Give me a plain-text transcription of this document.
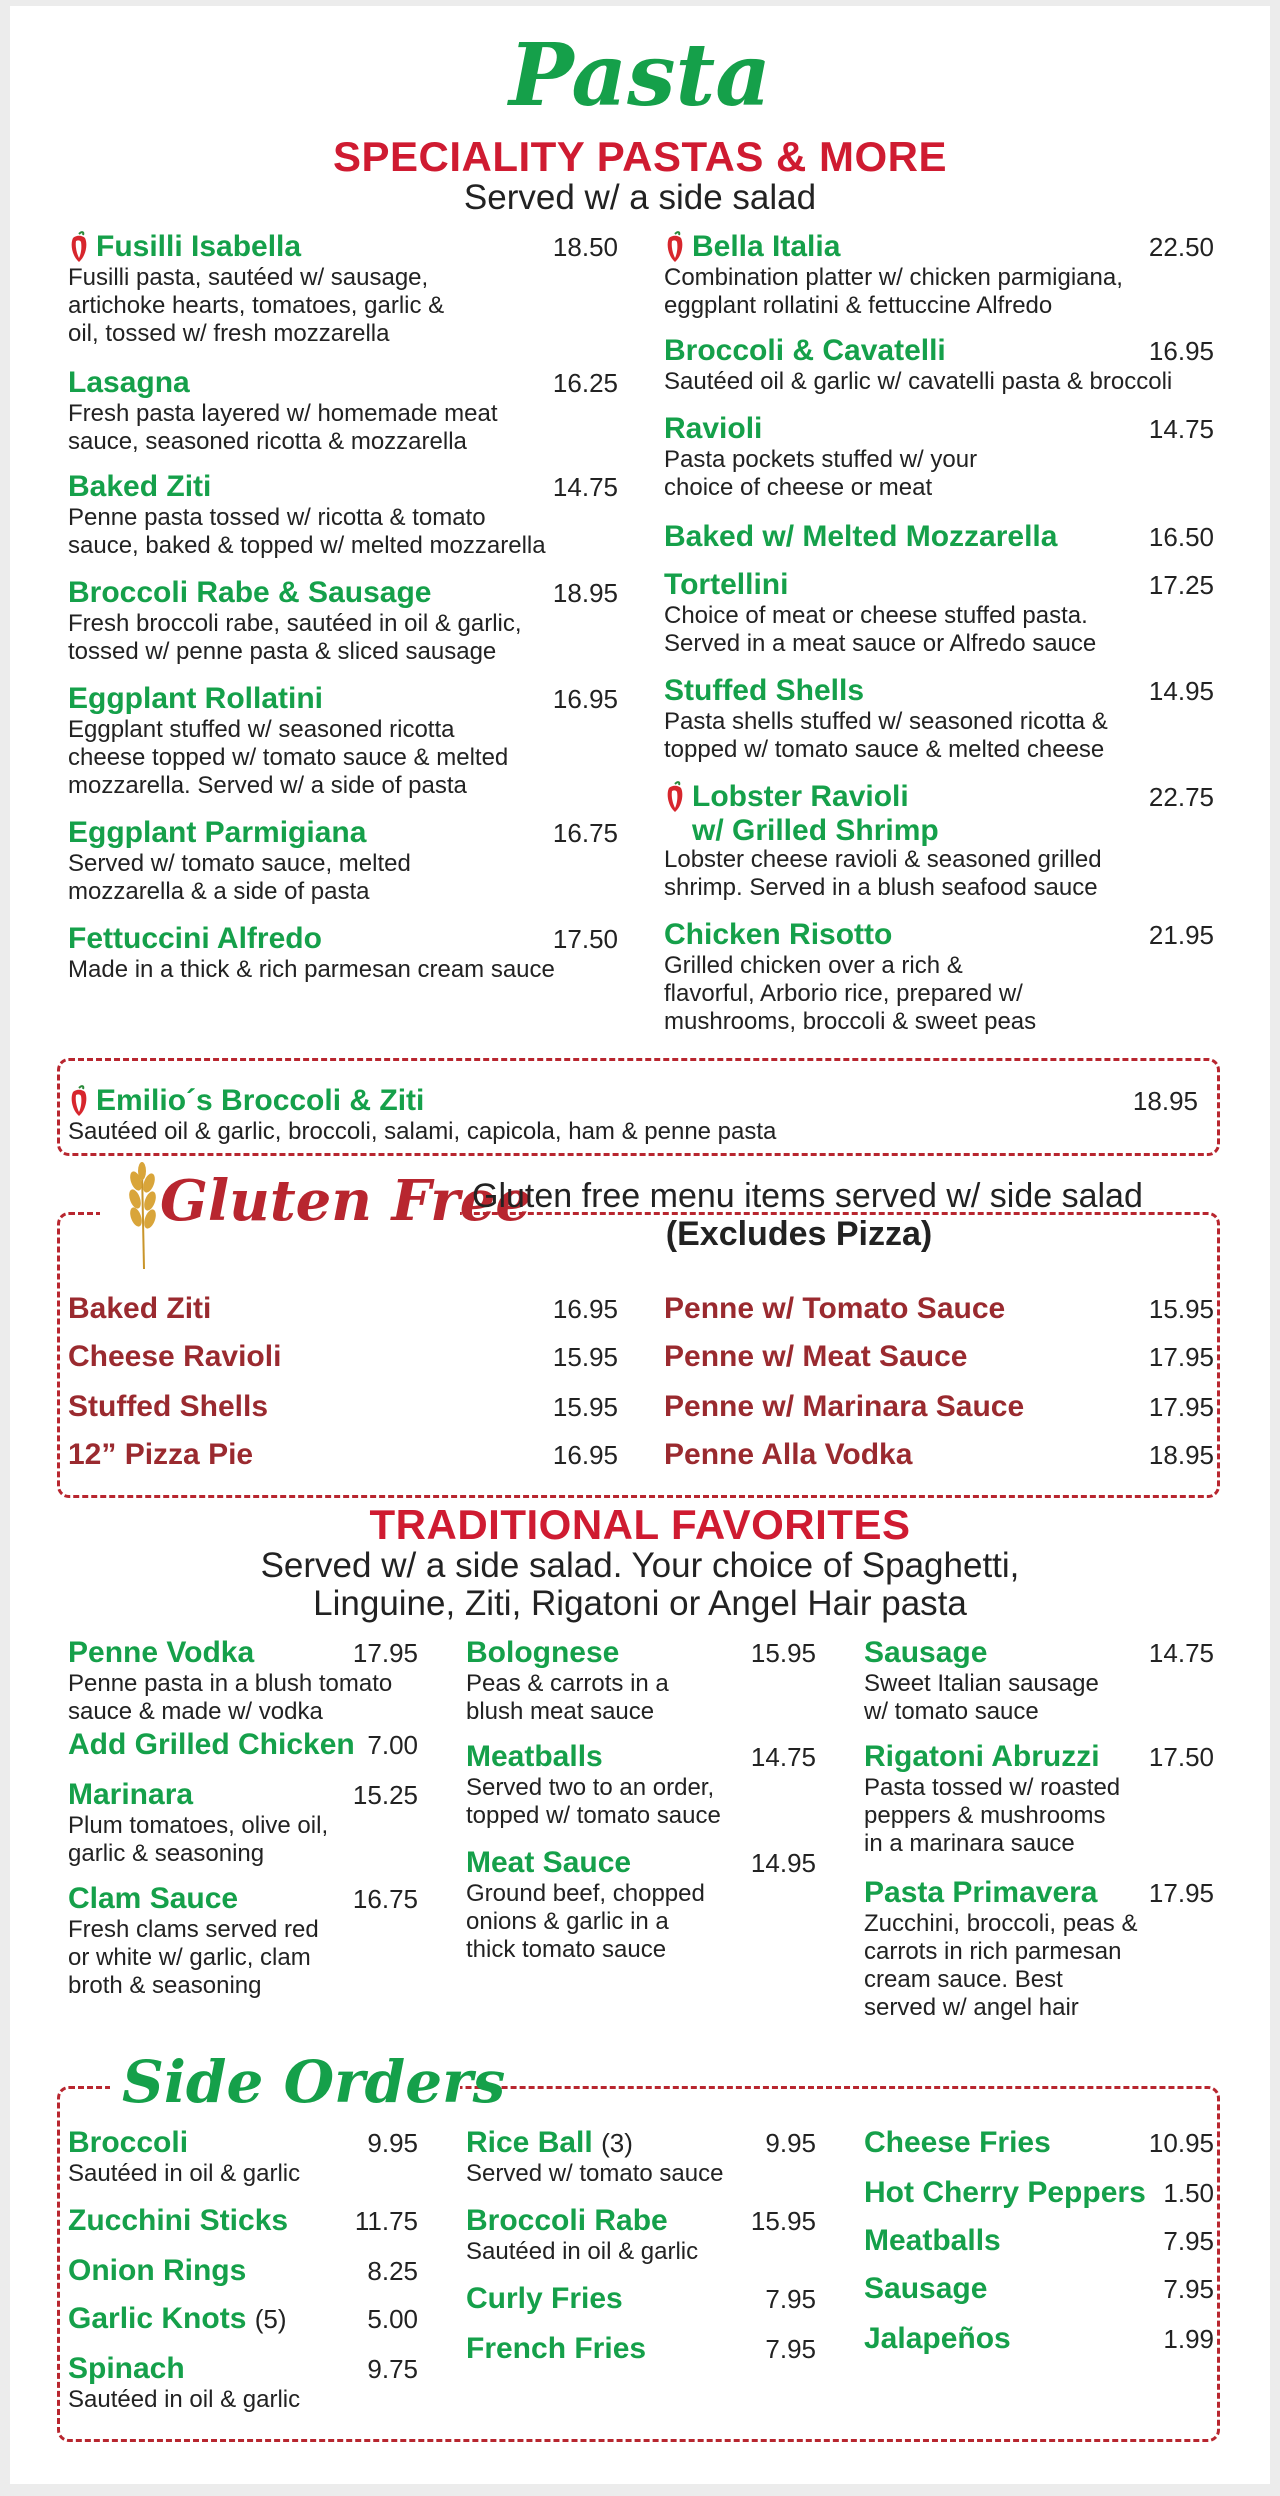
Pasta
SPECIALITY PASTAS & MORE
Served w/ a side salad
Fusilli Isabella	18.50
Fusilli pasta, sautéed w/ sausage,
artichoke hearts, tomatoes, garlic &
oil, tossed w/ fresh mozzarella
Lasagna	16.25
Fresh pasta layered w/ homemade meat
sauce, seasoned ricotta & mozzarella
Baked Ziti	14.75
Penne pasta tossed w/ ricotta & tomato
sauce, baked & topped w/ melted mozzarella
Broccoli Rabe & Sausage	18.95
Fresh broccoli rabe, sautéed in oil & garlic,
tossed w/ penne pasta & sliced sausage
Eggplant Rollatini	16.95
Eggplant stuffed w/ seasoned ricotta
cheese topped w/ tomato sauce & melted
mozzarella. Served w/ a side of pasta
Eggplant Parmigiana	16.75
Served w/ tomato sauce, melted
mozzarella & a side of pasta
Fettuccini Alfredo	17.50
Made in a thick & rich parmesan cream sauce
Bella Italia	22.50
Combination platter w/ chicken parmigiana,
eggplant rollatini & fettuccine Alfredo
Broccoli & Cavatelli	16.95
Sautéed oil & garlic w/ cavatelli pasta & broccoli
Ravioli	14.75
Pasta pockets stuffed w/ your
choice of cheese or meat
Baked w/ Melted Mozzarella	16.50
Tortellini	17.25
Choice of meat or cheese stuffed pasta.
Served in a meat sauce or Alfredo sauce
Stuffed Shells	14.95
Pasta shells stuffed w/ seasoned ricotta &
topped w/ tomato sauce & melted cheese
Lobster Ravioli	22.75
w/ Grilled Shrimp
Lobster cheese ravioli & seasoned grilled
shrimp. Served in a blush seafood sauce
Chicken Risotto	21.95
Grilled chicken over a rich &
flavorful, Arborio rice, prepared w/
mushrooms, broccoli & sweet peas
Emilio´s Broccoli & Ziti	18.95
Sautéed oil & garlic, broccoli, salami, capicola, ham & penne pasta
Gluten Free
Gluten free menu items served w/ side salad
(Excludes Pizza)
Baked Ziti	16.95
Cheese Ravioli	15.95
Stuffed Shells	15.95
12” Pizza Pie	16.95
Penne w/ Tomato Sauce	15.95
Penne w/ Meat Sauce	17.95
Penne w/ Marinara Sauce	17.95
Penne Alla Vodka	18.95
TRADITIONAL FAVORITES
Served w/ a side salad. Your choice of Spaghetti,
Linguine, Ziti, Rigatoni or Angel Hair pasta
Penne Vodka	17.95
Penne pasta in a blush tomato
sauce & made w/ vodka
Add Grilled Chicken 7.00
Marinara	15.25
Plum tomatoes, olive oil,
garlic & seasoning
Clam Sauce	16.75
Fresh clams served red
or white w/ garlic, clam
broth & seasoning
Bolognese	15.95
Peas & carrots in a
blush meat sauce
Meatballs	14.75
Served two to an order,
topped w/ tomato sauce
Meat Sauce	14.95
Ground beef, chopped
onions & garlic in a
thick tomato sauce
Sausage	14.75
Sweet Italian sausage
w/ tomato sauce
Rigatoni Abruzzi 17.50
Pasta tossed w/ roasted
peppers & mushrooms
in a marinara sauce
Pasta Primavera 17.95
Zucchini, broccoli, peas &
carrots in rich parmesan
cream sauce. Best
served w/ angel hair
Side Orders
Broccoli	9.95
Sautéed in oil & garlic
Zucchini Sticks	11.75
Onion Rings	8.25
Garlic Knots (5)	5.00
Spinach	9.75
Sautéed in oil & garlic
Rice Ball (3)	9.95
Served w/ tomato sauce
Broccoli Rabe	15.95
Sautéed in oil & garlic
Curly Fries	7.95
French Fries	7.95
Cheese Fries	10.95
Hot Cherry Peppers 1.50
Meatballs	7.95
Sausage	7.95
Jalapeños	1.99
